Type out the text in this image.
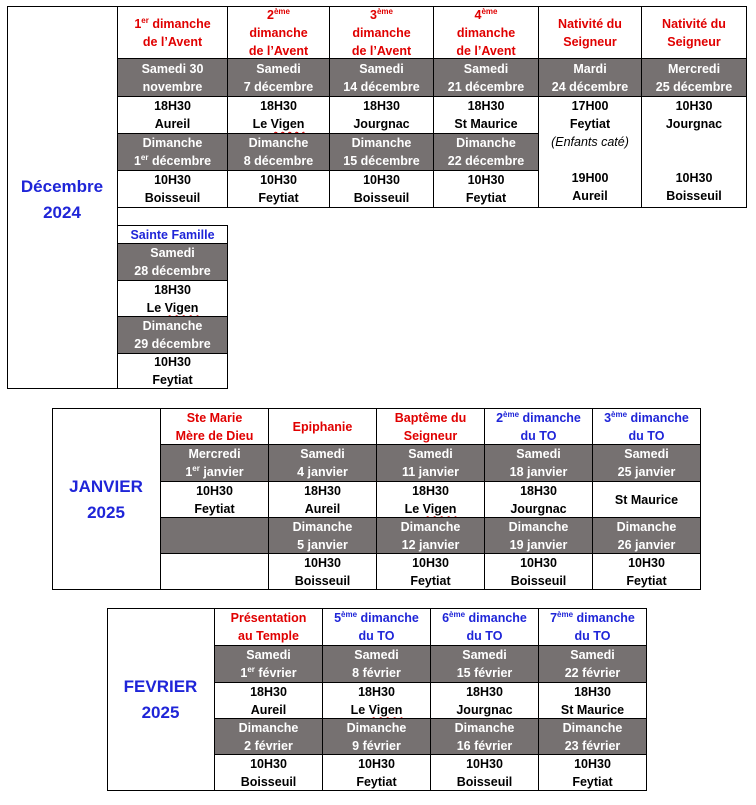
Décembre
2024
1er dimanche
de l’Avent
Samedi 30
novembre
2ème
dimanche
de l’Avent
Samedi
7 décembre
3ème
dimanche
de l’Avent
Samedi
14 décembre
4ème
dimanche
de l’Avent
Samedi
21 décembre
Nativité du
Seigneur
Mardi
24 décembre
Nativité du
Seigneur
Mercredi
25 décembre
18H30
Aureil
Dimanche
1er décembre
10H30
Boisseuil
18H30
Le Vigen
Dimanche
8 décembre
10H30
Feytiat
18H30
Jourgnac
Dimanche
15 décembre
10H30
Boisseuil
18H30
St Maurice
Dimanche
22 décembre
10H30
Feytiat
17H00
Feytiat
(Enfants caté)
19H00
Aureil
10H30
Jourgnac
10H30
Boisseuil
Sainte Famille
Samedi
28 décembre
18H30
Le Vigen
Dimanche
29 décembre
10H30
Feytiat
JANVIER
2025
Ste Marie
Mère de Dieu
Mercredi
1er janvier
10H30
Feytiat
Epiphanie
Samedi
4 janvier
18H30
Aureil
Dimanche
5 janvier
10H30
Boisseuil
Baptême du
Seigneur
Samedi
11 janvier
18H30
Le Vigen
Dimanche
12 janvier
10H30
Feytiat
2ème dimanche
du TO
Samedi
18 janvier
18H30
Jourgnac
Dimanche
19 janvier
10H30
Boisseuil
3ème dimanche
du TO
Samedi
25 janvier
St Maurice
Dimanche
26 janvier
10H30
Feytiat
FEVRIER
2025
Présentation
au Temple
Samedi
1er février
18H30
Aureil
Dimanche
2 février
10H30
Boisseuil
5ème dimanche
du TO
Samedi
8 février
18H30
Le Vigen
Dimanche
9 février
10H30
Feytiat
6ème dimanche
du TO
Samedi
15 février
18H30
Jourgnac
Dimanche
16 février
10H30
Boisseuil
7ème dimanche
du TO
Samedi
22 février
18H30
St Maurice
Dimanche
23 février
10H30
Feytiat
